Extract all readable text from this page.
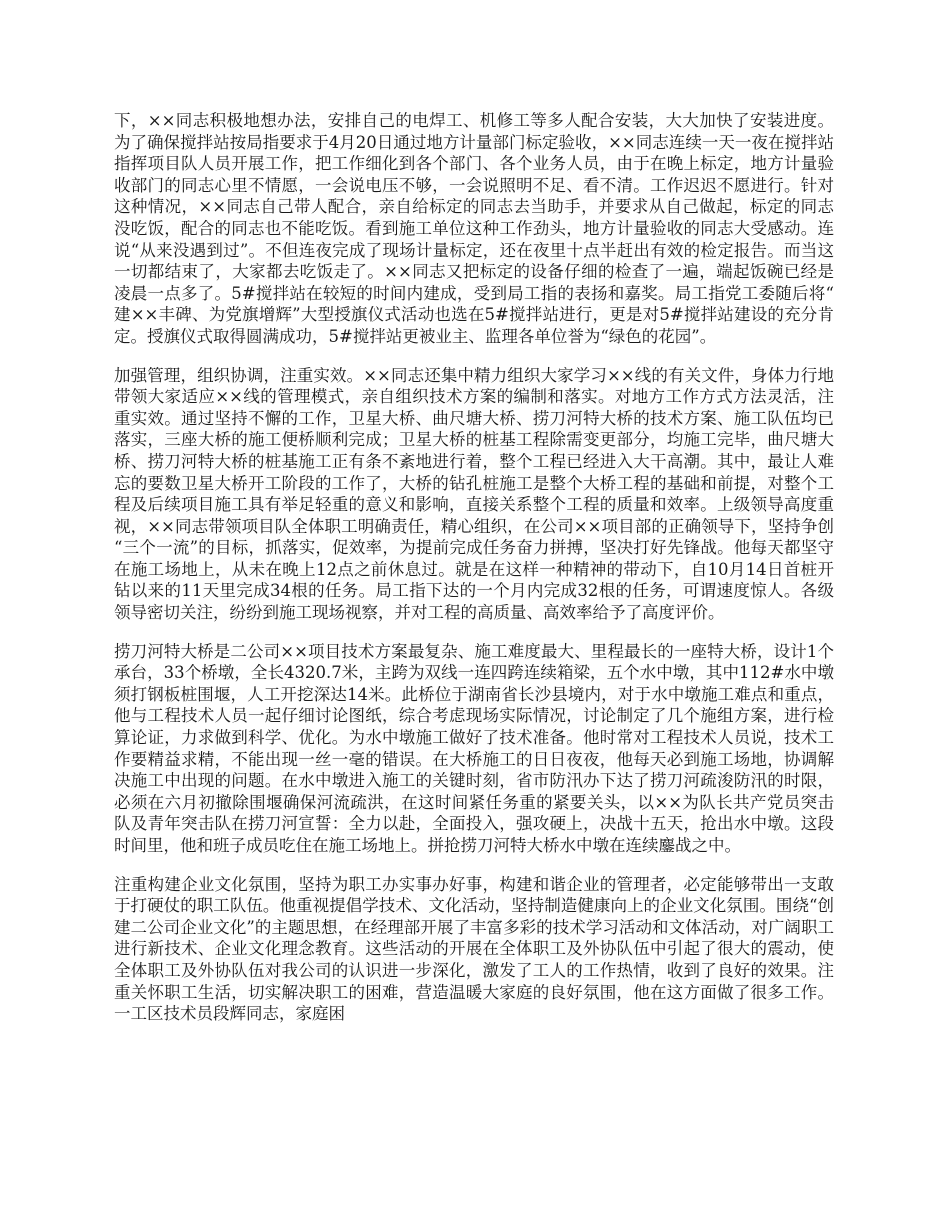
下，××同志积极地想办法，安排自己的电焊工、机修工等多人配合安装，大大加快了安装进度。为了确保搅拌站按局指要求于4月20日通过地方计量部门标定验收，××同志连续一天一夜在搅拌站指挥项目队人员开展工作，把工作细化到各个部门、各个业务人员，由于在晚上标定，地方计量验收部门的同志心里不情愿，一会说电压不够，一会说照明不足、看不清。工作迟迟不愿进行。针对这种情况，××同志自己带人配合，亲自给标定的同志去当助手，并要求从自己做起，标定的同志没吃饭，配合的同志也不能吃饭。看到施工单位这种工作劲头，地方计量验收的同志大受感动。连说“从来没遇到过”。不但连夜完成了现场计量标定，还在夜里十点半赶出有效的检定报告。而当这一切都结束了，大家都去吃饭走了。××同志又把标定的设备仔细的检查了一遍，端起饭碗已经是凌晨一点多了。5#搅拌站在较短的时间内建成，受到局工指的表扬和嘉奖。局工指党工委随后将“建××丰碑、为党旗增辉”大型授旗仪式活动也选在5#搅拌站进行，更是对5#搅拌站建设的充分肯定。授旗仪式取得圆满成功，5#搅拌站更被业主、监理各单位誉为“绿色的花园”。

加强管理，组织协调，注重实效。××同志还集中精力组织大家学习××线的有关文件，身体力行地带领大家适应××线的管理模式，亲自组织技术方案的编制和落实。对地方工作方式方法灵活，注重实效。通过坚持不懈的工作，卫星大桥、曲尺塘大桥、捞刀河特大桥的技术方案、施工队伍均已落实，三座大桥的施工便桥顺利完成；卫星大桥的桩基工程除需变更部分，均施工完毕，曲尺塘大桥、捞刀河特大桥的桩基施工正有条不紊地进行着，整个工程已经进入大干高潮。其中，最让人难忘的要数卫星大桥开工阶段的工作了，大桥的钻孔桩施工是整个大桥工程的基础和前提，对整个工程及后续项目施工具有举足轻重的意义和影响，直接关系整个工程的质量和效率。上级领导高度重视，××同志带领项目队全体职工明确责任，精心组织，在公司××项目部的正确领导下，坚持争创“三个一流”的目标，抓落实，促效率，为提前完成任务奋力拼搏，坚决打好先锋战。他每天都坚守在施工场地上，从未在晚上12点之前休息过。就是在这样一种精神的带动下，自10月14日首桩开钻以来的11天里完成34根的任务。局工指下达的一个月内完成32根的任务，可谓速度惊人。各级领导密切关注，纷纷到施工现场视察，并对工程的高质量、高效率给予了高度评价。

捞刀河特大桥是二公司××项目技术方案最复杂、施工难度最大、里程最长的一座特大桥，设计1个承台，33个桥墩，全长4320.7米，主跨为双线一连四跨连续箱梁，五个水中墩，其中112#水中墩须打钢板桩围堰，人工开挖深达14米。此桥位于湖南省长沙县境内，对于水中墩施工难点和重点，他与工程技术人员一起仔细讨论图纸，综合考虑现场实际情况，讨论制定了几个施组方案，进行检算论证，力求做到科学、优化。为水中墩施工做好了技术准备。他时常对工程技术人员说，技术工作要精益求精，不能出现一丝一毫的错误。在大桥施工的日日夜夜，他每天必到施工场地，协调解决施工中出现的问题。在水中墩进入施工的关键时刻，省市防汛办下达了捞刀河疏浚防汛的时限，必须在六月初撤除围堰确保河流疏洪，在这时间紧任务重的紧要关头，以××为队长共产党员突击队及青年突击队在捞刀河宣誓：全力以赴，全面投入，强攻硬上，决战十五天，抢出水中墩。这段时间里，他和班子成员吃住在施工场地上。拼抢捞刀河特大桥水中墩在连续鏖战之中。

注重构建企业文化氛围，坚持为职工办实事办好事，构建和谐企业的管理者，必定能够带出一支敢于打硬仗的职工队伍。他重视提倡学技术、文化活动，坚持制造健康向上的企业文化氛围。围绕“创建二公司企业文化”的主题思想，在经理部开展了丰富多彩的技术学习活动和文体活动，对广阔职工进行新技术、企业文化理念教育。这些活动的开展在全体职工及外协队伍中引起了很大的震动，使全体职工及外协队伍对我公司的认识进一步深化，激发了工人的工作热情，收到了良好的效果。注重关怀职工生活，切实解决职工的困难，营造温暖大家庭的良好氛围，他在这方面做了很多工作。一工区技术员段辉同志，家庭困
